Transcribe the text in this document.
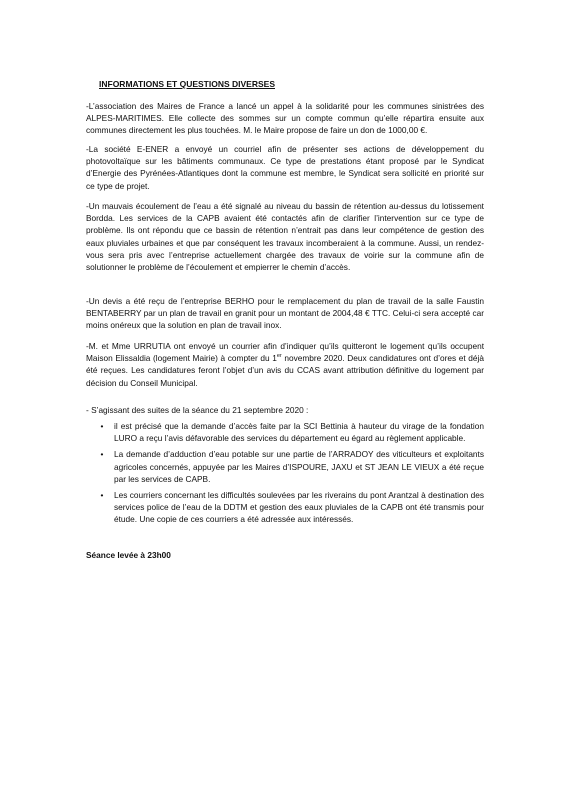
INFORMATIONS ET QUESTIONS DIVERSES
-L’association des Maires de France a lancé un appel à la solidarité pour les communes sinistrées des ALPES-MARITIMES. Elle collecte des sommes sur un compte commun qu’elle répartira ensuite aux communes directement les plus touchées. M. le Maire propose de faire un don de 1000,00 €.
-La société E-ENER a envoyé un courriel afin de présenter ses actions de développement du photovoltaïque sur les bâtiments communaux. Ce type de prestations étant proposé par le Syndicat d’Energie des Pyrénées-Atlantiques dont la commune est membre, le Syndicat sera sollicité en priorité sur ce type de projet.
-Un mauvais écoulement de l’eau a été signalé au niveau du bassin de rétention au-dessus du lotissement Bordda. Les services de la CAPB avaient été contactés afin de clarifier l’intervention sur ce type de problème. Ils ont répondu que ce bassin de rétention n’entrait pas dans leur compétence de gestion des eaux pluviales urbaines et que par conséquent les travaux incomberaient à la commune. Aussi, un rendez-vous sera pris avec l’entreprise actuellement chargée des travaux de voirie sur la commune afin de solutionner le problème de l’écoulement et empierrer le chemin d’accès.
-Un devis a été reçu de l’entreprise BERHO pour le remplacement du plan de travail de la salle Faustin BENTABERRY par un plan de travail en granit pour un montant de 2004,48 € TTC. Celui-ci sera accepté car moins onéreux que la solution en plan de travail inox.
-M. et Mme URRUTIA ont envoyé un courrier afin d’indiquer qu’ils quitteront le logement qu’ils occupent Maison Elissaldia (logement Mairie) à compter du 1er novembre 2020. Deux candidatures ont d’ores et déjà été reçues. Les candidatures feront l’objet d’un avis du CCAS avant attribution définitive du logement par décision du Conseil Municipal.
- S’agissant des suites de la séance du 21 septembre 2020 :
•	il est précisé que la demande d’accès faite par la SCI Bettinia à hauteur du virage de la fondation LURO a reçu l’avis défavorable des services du département eu égard au règlement applicable.
•	La demande d’adduction d’eau potable sur une partie de l’ARRADOY des viticulteurs et exploitants agricoles concernés, appuyée par les Maires d’ISPOURE, JAXU et ST JEAN LE VIEUX a été reçue par les services de CAPB.
•	Les courriers concernant les difficultés soulevées par les riverains du pont Arantzal à destination des services police de l’eau de la DDTM et gestion des eaux pluviales de la CAPB ont été transmis pour étude. Une copie de ces courriers a été adressée aux intéressés.
Séance levée à 23h00
